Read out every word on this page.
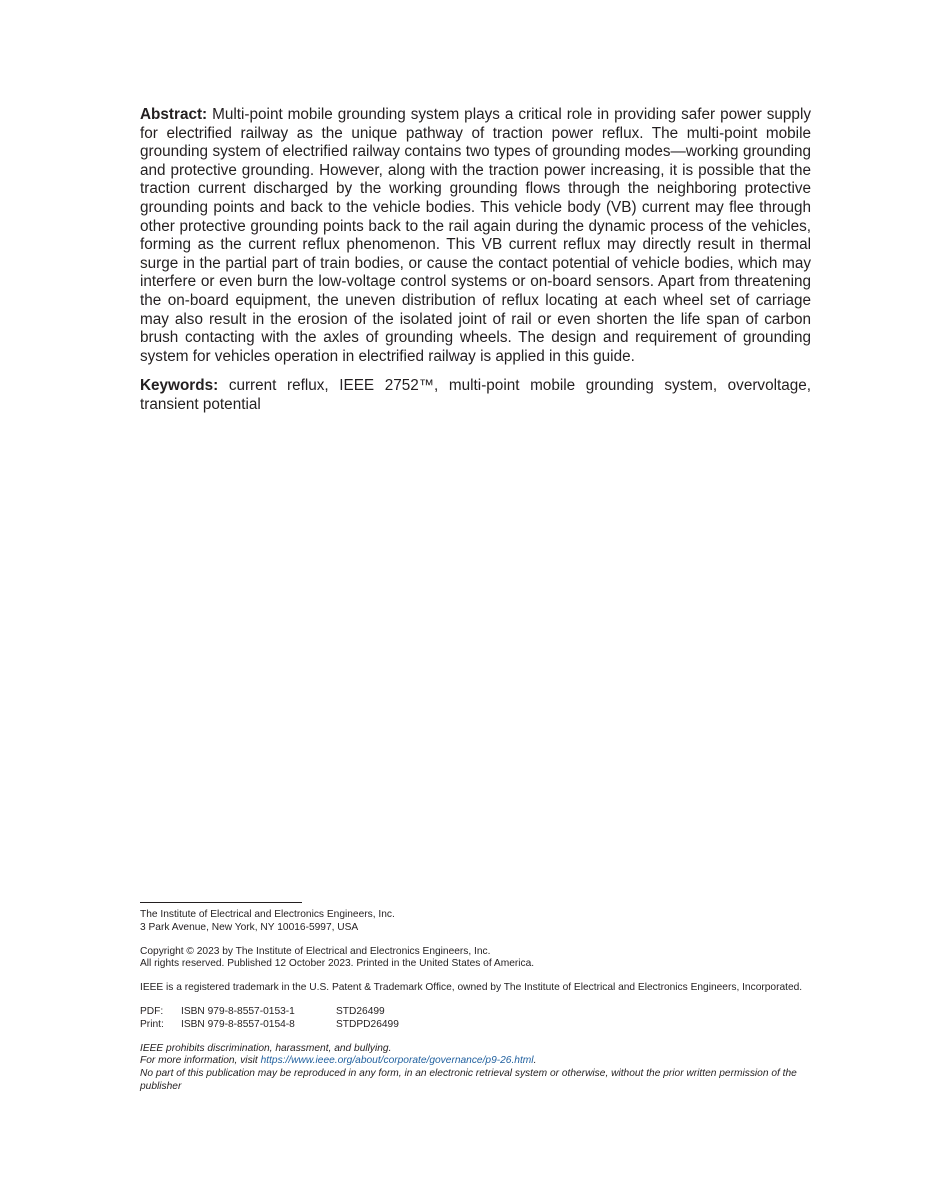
Abstract: Multi-point mobile grounding system plays a critical role in providing safer power supply for electrified railway as the unique pathway of traction power reflux. The multi-point mobile grounding system of electrified railway contains two types of grounding modes—working grounding and protective grounding. However, along with the traction power increasing, it is possible that the traction current discharged by the working grounding flows through the neighboring protective grounding points and back to the vehicle bodies. This vehicle body (VB) current may flee through other protective grounding points back to the rail again during the dynamic process of the vehicles, forming as the current reflux phenomenon. This VB current reflux may directly result in thermal surge in the partial part of train bodies, or cause the contact potential of vehicle bodies, which may interfere or even burn the low-voltage control systems or on-board sensors. Apart from threatening the on-board equipment, the uneven distribution of reflux locating at each wheel set of carriage may also result in the erosion of the isolated joint of rail or even shorten the life span of carbon brush contacting with the axles of grounding wheels. The design and requirement of grounding system for vehicles operation in electrified railway is applied in this guide.

Keywords: current reflux, IEEE 2752™, multi-point mobile grounding system, overvoltage, transient potential

The Institute of Electrical and Electronics Engineers, Inc.
3 Park Avenue, New York, NY 10016-5997, USA
Copyright © 2023 by The Institute of Electrical and Electronics Engineers, Inc.
All rights reserved. Published 12 October 2023. Printed in the United States of America.
IEEE is a registered trademark in the U.S. Patent & Trademark Office, owned by The Institute of Electrical and Electronics Engineers, Incorporated.
PDF:	ISBN 979-8-8557-0153-1	STD26499
Print:	ISBN 979-8-8557-0154-8	STDPD26499
IEEE prohibits discrimination, harassment, and bullying.
For more information, visit https://www.ieee.org/about/corporate/governance/p9-26.html.
No part of this publication may be reproduced in any form, in an electronic retrieval system or otherwise, without the prior written permission of the publisher
